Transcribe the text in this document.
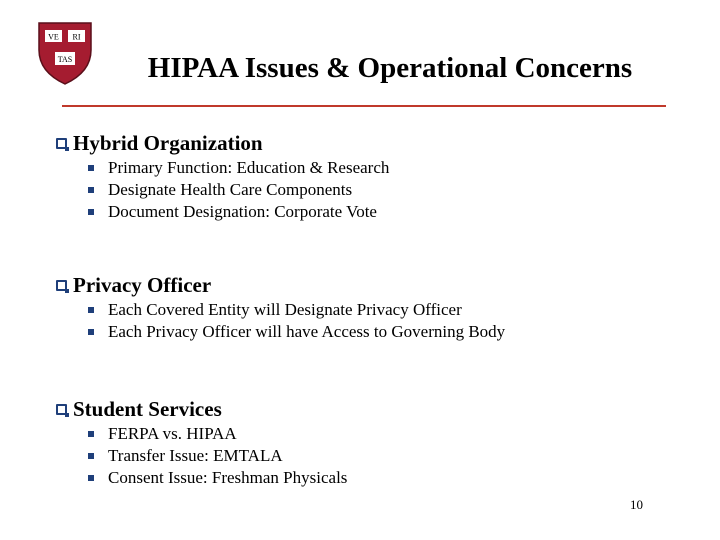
VE RI
TAS	HIPAA Issues & Operational Concerns
Hybrid Organization
Primary Function: Education & Research
Designate Health Care Components
Document Designation: Corporate Vote
Privacy Officer
Each Covered Entity will Designate Privacy Officer
Each Privacy Officer will have Access to Governing Body
Student Services
FERPA vs. HIPAA
Transfer Issue: EMTALA
Consent Issue: Freshman Physicals
10
